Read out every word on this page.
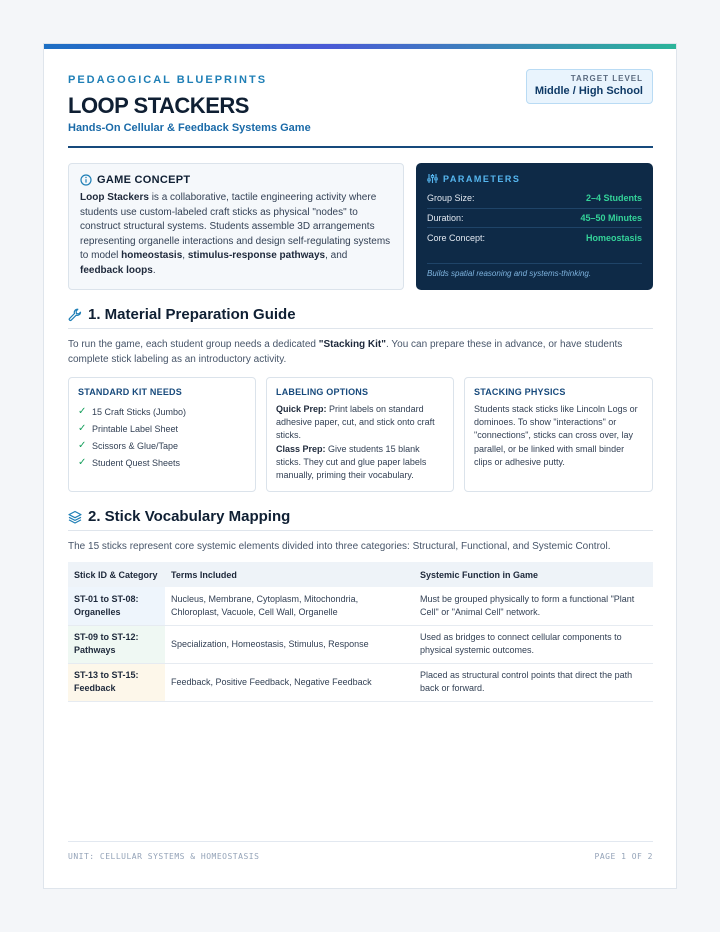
PEDAGOGICAL BLUEPRINTS
LOOP STACKERS
Hands-On Cellular & Feedback Systems Game
TARGET LEVEL
Middle / High School
GAME CONCEPT
Loop Stackers is a collaborative, tactile engineering activity where students use custom-labeled craft sticks as physical "nodes" to construct structural systems. Students assemble 3D arrangements representing organelle interactions and design self-regulating systems to model homeostasis, stimulus-response pathways, and feedback loops.
PARAMETERS
Group Size:	2–4 Students
Duration:	45–50 Minutes
Core Concept:	Homeostasis
Builds spatial reasoning and systems-thinking.
1. Material Preparation Guide
To run the game, each student group needs a dedicated "Stacking Kit". You can prepare these in advance, or have students complete stick labeling as an introductory activity.
STANDARD KIT NEEDS
✓ 15 Craft Sticks (Jumbo)
✓ Printable Label Sheet
✓ Scissors & Glue/Tape
✓ Student Quest Sheets
LABELING OPTIONS
Quick Prep: Print labels on standard adhesive paper, cut, and stick onto craft sticks.
Class Prep: Give students 15 blank sticks. They cut and glue paper labels manually, priming their vocabulary.
STACKING PHYSICS
Students stack sticks like Lincoln Logs or dominoes. To show "interactions" or "connections", sticks can cross over, lay parallel, or be linked with small binder clips or adhesive putty.
2. Stick Vocabulary Mapping
The 15 sticks represent core systemic elements divided into three categories: Structural, Functional, and Systemic Control.
Stick ID & Category	Terms Included	Systemic Function in Game
ST-01 to ST-08:
Organelles	Nucleus, Membrane, Cytoplasm, Mitochondria, Chloroplast, Vacuole, Cell Wall, Organelle	Must be grouped physically to form a functional "Plant Cell" or "Animal Cell" network.
ST-09 to ST-12:
Pathways	Specialization, Homeostasis, Stimulus, Response	Used as bridges to connect cellular components to physical systemic outcomes.
ST-13 to ST-15:
Feedback	Feedback, Positive Feedback, Negative Feedback	Placed as structural control points that direct the path back or forward.
UNIT: CELLULAR SYSTEMS & HOMEOSTASIS	PAGE 1 OF 2
